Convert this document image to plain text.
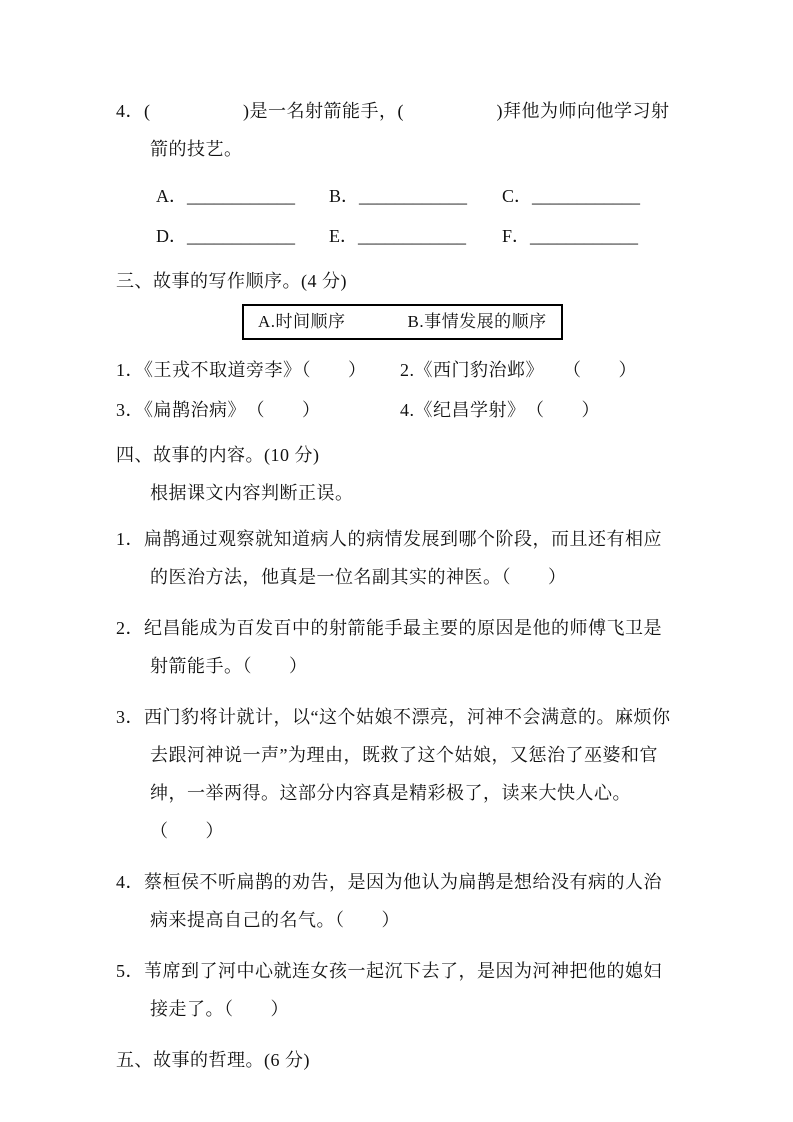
4．(　　　　　)是一名射箭能手，(　　　　　)拜他为师向他学习射箭的技艺。
A．____________	B．____________	C．____________
D．____________	E．____________	F．____________
三、故事的写作顺序。(4 分)
A.时间顺序	B.事情发展的顺序
1．《王戎不取道旁李》（　　）	2.《西门豹治邺》　　（　　）
3．《扁鹊治病》　（　　）	4.《纪昌学射》　（　　）
四、故事的内容。(10 分)
根据课文内容判断正误。
1．扁鹊通过观察就知道病人的病情发展到哪个阶段，而且还有相应的医治方法，他真是一位名副其实的神医。（　　）
2．纪昌能成为百发百中的射箭能手最主要的原因是他的师傅飞卫是射箭能手。（　　）
3．西门豹将计就计，以“这个姑娘不漂亮，河神不会满意的。麻烦你去跟河神说一声”为理由，既救了这个姑娘，又惩治了巫婆和官绅，一举两得。这部分内容真是精彩极了，读来大快人心。（　　）
4．蔡桓侯不听扁鹊的劝告，是因为他认为扁鹊是想给没有病的人治病来提高自己的名气。（　　）
5．苇席到了河中心就连女孩一起沉下去了，是因为河神把他的媳妇接走了。（　　）
五、故事的哲理。(6 分)
